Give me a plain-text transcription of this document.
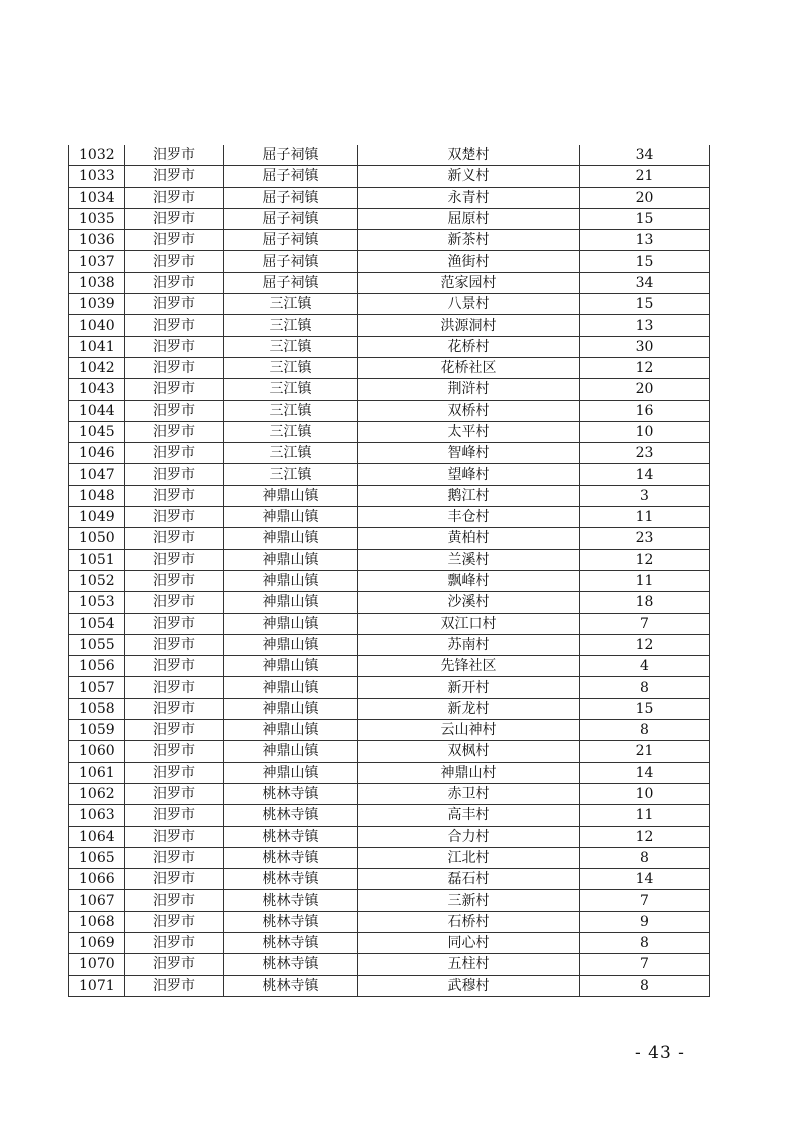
1032	汨罗市	屈子祠镇	双楚村	34
1033	汨罗市	屈子祠镇	新义村	21
1034	汨罗市	屈子祠镇	永青村	20
1035	汨罗市	屈子祠镇	屈原村	15
1036	汨罗市	屈子祠镇	新茶村	13
1037	汨罗市	屈子祠镇	渔街村	15
1038	汨罗市	屈子祠镇	范家园村	34
1039	汨罗市	三江镇	八景村	15
1040	汨罗市	三江镇	洪源洞村	13
1041	汨罗市	三江镇	花桥村	30
1042	汨罗市	三江镇	花桥社区	12
1043	汨罗市	三江镇	荆浒村	20
1044	汨罗市	三江镇	双桥村	16
1045	汨罗市	三江镇	太平村	10
1046	汨罗市	三江镇	智峰村	23
1047	汨罗市	三江镇	望峰村	14
1048	汨罗市	神鼎山镇	鹅江村	3
1049	汨罗市	神鼎山镇	丰仓村	11
1050	汨罗市	神鼎山镇	黄柏村	23
1051	汨罗市	神鼎山镇	兰溪村	12
1052	汨罗市	神鼎山镇	飘峰村	11
1053	汨罗市	神鼎山镇	沙溪村	18
1054	汨罗市	神鼎山镇	双江口村	7
1055	汨罗市	神鼎山镇	苏南村	12
1056	汨罗市	神鼎山镇	先锋社区	4
1057	汨罗市	神鼎山镇	新开村	8
1058	汨罗市	神鼎山镇	新龙村	15
1059	汨罗市	神鼎山镇	云山神村	8
1060	汨罗市	神鼎山镇	双枫村	21
1061	汨罗市	神鼎山镇	神鼎山村	14
1062	汨罗市	桃林寺镇	赤卫村	10
1063	汨罗市	桃林寺镇	高丰村	11
1064	汨罗市	桃林寺镇	合力村	12
1065	汨罗市	桃林寺镇	江北村	8
1066	汨罗市	桃林寺镇	磊石村	14
1067	汨罗市	桃林寺镇	三新村	7
1068	汨罗市	桃林寺镇	石桥村	9
1069	汨罗市	桃林寺镇	同心村	8
1070	汨罗市	桃林寺镇	五柱村	7
1071	汨罗市	桃林寺镇	武穆村	8
- 43 -
